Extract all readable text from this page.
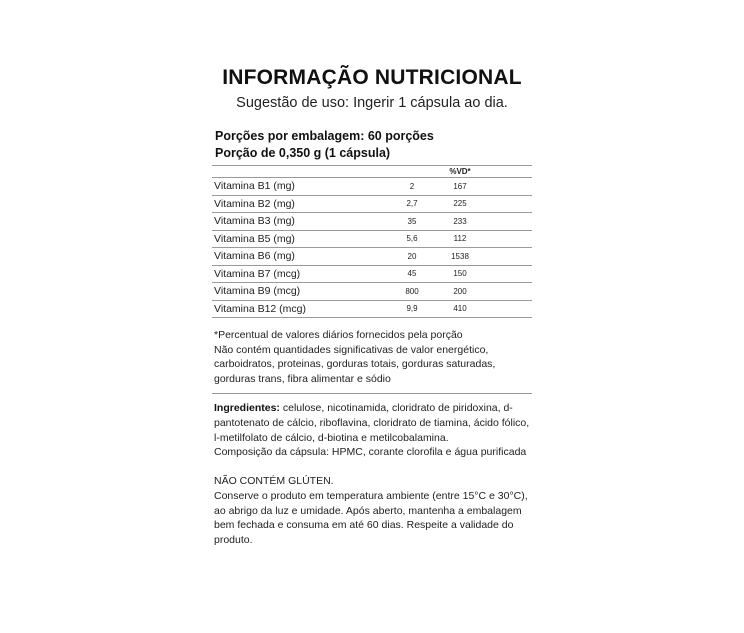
INFORMAÇÃO NUTRICIONAL
Sugestão de uso: Ingerir 1 cápsula ao dia.
Porções por embalagem: 60 porções
Porção de 0,350 g (1 cápsula)
		%VD*
Vitamina B1 (mg)	2	167
Vitamina B2 (mg)	2,7	225
Vitamina B3 (mg)	35	233
Vitamina B5 (mg)	5,6	112
Vitamina B6 (mg)	20	1538
Vitamina B7 (mcg)	45	150
Vitamina B9 (mcg)	800	200
Vitamina B12 (mcg)	9,9	410
*Percentual de valores diários fornecidos pela porção
Não contém quantidades significativas de valor energético, carboidratos, proteinas, gorduras totais, gorduras saturadas, gorduras trans, fibra alimentar e sódio
Ingredientes: celulose, nicotinamida, cloridrato de piridoxina, d-pantotenato de cálcio, riboflavina, cloridrato de tiamina, ácido fólico, l-metilfolato de cálcio, d-biotina e metilcobalamina.
Composição da cápsula: HPMC, corante clorofila e água purificada
NÃO CONTÉM GLÚTEN.
Conserve o produto em temperatura ambiente (entre 15°C e 30°C), ao abrigo da luz e umidade. Após aberto, mantenha a embalagem bem fechada e consuma em até 60 dias. Respeite a validade do produto.
